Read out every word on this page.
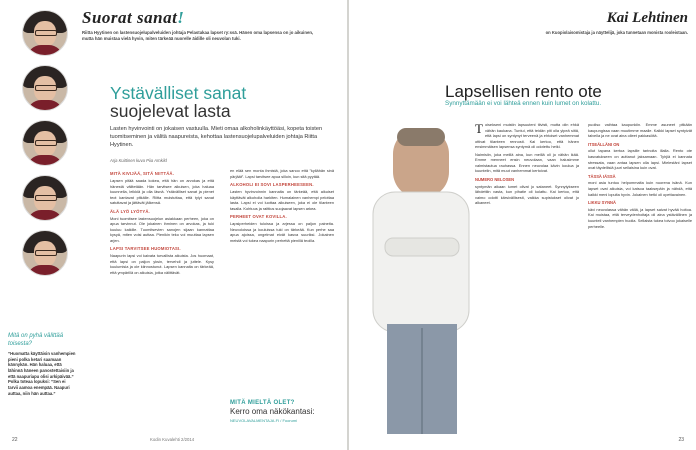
Mitä on pyhä välittää toisesta?
”Huomatta käyttäisin vanhempien pieni polka ketari saamaan kännykän. Hän haluaa, että lähinnä häneen panostettaisiin ja että naapuriapu olisi arkipäivää.” Polka toteaa lopuksi: ”Sen ei tarvii aamoa enempää. Naapuri auttaa, niin hän auttaa.”
Suorat sanat!
Riitta Hyytinen on lastensuojelupalveluiden johtaja Pelastakaa lapset ry:ssä. Hänen oma lapsensa on jo aikuinen, mutta hän muistaa vielä hyvin, miten tärkeää nuorelle äidille oli neuvolan tuki.
Ystävälliset sanat
suojelevat lasta
Lasten hyvinvointi on jokaisen vastuulla. Mieti omaa alkoholinkäyttöäsi, kopeta toisten tuomitseminen ja välitä naapureista, kehottaa lastensuojelupalveluiden johtaja Riitta Hyytinen.
Arja Kuittinen kuva Piia Arnkild
MITÄ KIVIJÄÄ, SITÄ NIITTÄÄ.

Lapsen pitää saada kokea, että hän on arvokas ja että hänestä välitetään. Hän tarvitsee aikuisen, joka haluaa kuunnella, leikkiä ja olla läsnä. Ystävälliset sanat ja pienet teot kantavat pitkälle. Riitta muistuttaa, että tylyt sanat satuttavat ja jättävät jälkensä.

ÄLÄ LYÖ LYÖTYÄ.

Moni tuomitsee lastensuojelun asiakkaan perheen, joka on apua tarvinnut. Ole jokainen ihminen on arvokas, ja tuki kuuluu kaikille. Tuomitsevien sanojen sijaan kannattaa kysyä, miten voisi auttaa. Pienikin teko voi muuttaa lapsen arjen.

LAPSI TARVITSEE HUOMIOTASI.

Naapurin lapsi voi kaivata turvallista aikuista. Jos huomaat, että lapsi on paljon yksin, tervehdi ja juttele. Kysy kuulumisia ja ole kiinnostunut. Lapsen kannalta on tärkeää, että ympärillä on aikuisia, jotka välittävät.

en elää sen monta ihmistä, joka sanoo että ”kyllähän sinä pärjäät”. Lapsi tarvitsee apua silloin, kun sitä pyytää.

ALKOHOLI EI SOVI LASPERHEESEEN.

Lasten hyvinvoinnin kannalta on tärkeää, että aikuiset käyttävät alkoholia harkiten. Humalainen vanhempi pelottaa lasta. Lapsi ei voi luottaa aikuiseen, joka ei ole tilanteen tasalla. Kohtuus ja raittius suojaavat lapsen arkea.

PERHEET OVAT KOVILLA.

Lapsiperheiden tuloissa ja arjessa on paljon paineita. Neuvoloissa ja kouluissa tuki on tärkeää. Kun perhe saa apua ajoissa, ongelmat eivät kasva suuriksi. Jokainen meistä voi tukea naapurin perhettä pienillä teoilla.

MITÄ MIELTÄ OLET?
Kerro oma näkökantasi:
NEUVOLAVALMENTAJA.FI / Foorumi
22	Kodin Kuvalehti 2/2014
Kai Lehtinen
on Kuopiolaisomistaja ja näyttelijä, joka tunnetaan monista rooleistaan.
Lapsellisen rento ote
Synnyttämään ei voi lähteä ennen kuin lumet on kolattu.

Toisekseni muistin lapsuuteni tiivisti, mutta olin ehkä vähän kaukana. Tuntui, että teidän piti olla ylpeä siitä, että lapsi on syntynyt terveenä ja ehtoiset vanhemmat ottivat tilanteen rennosti. Kai kertoo, että hänen ensimmäisen lapsensa syntymä oli odotettu hetki.

Naimisiin, joka meillä aina, kun meillä oli jo vähän ikää. Emme menneet ensin neuvolaan, vaan halusimme valmistautua rauhassa. Ennen neuvolaa kävin koulua ja kuuntelin, mitä muut vanhemmat kertoivat.

NUMERO NELOSEN

syntymän aikaan lumet olivat jo sataneet. Synnytykseen lähdettiin vasta, kun pihatie oli kolattu. Kai kertoo, että vaimo odotti kärsivällisesti, vaikka supistukset olivat jo alkaneet.

puoliso vaihtaa kaupunkiin. Emme asuneet pitkään kaupungissa vaan muutimme maalle. Kaikki lapset syntyivät talvella ja ne ovat aina olleet pakkasöitä.

ITSEÄLLÄNI ON

ollut tapana kertoa lapsille tarinoita illalla. Rento ote kasvatukseen on auttanut jaksamaan. Tyhjiä ei kannata stressata, vaan antaa lapsen olla lapsi. Mielestäni lapset ovat täydellisiä juuri sellaisina kuin ovat.

TÄSSÄ IÄSSÄ

moni asia tuntuu helpommalta kuin nuorena isänä. Kun lapset ovat aikuisia, voi katsoa taaksepäin ja nähdä, että kaikki meni lopulta hyvin. Jokainen hetki oli opettavainen.

LIKKU SYNNÄ

kävi neuvolassa vähän väliä, ja lapset saivat hyvää hoitoa. Kai muistaa, että terveydenhoitaja oli aina ystävällinen ja kuunteli vanhempien huolia. Sellaista tukea toivoo jokaiselle perheelle.

23
